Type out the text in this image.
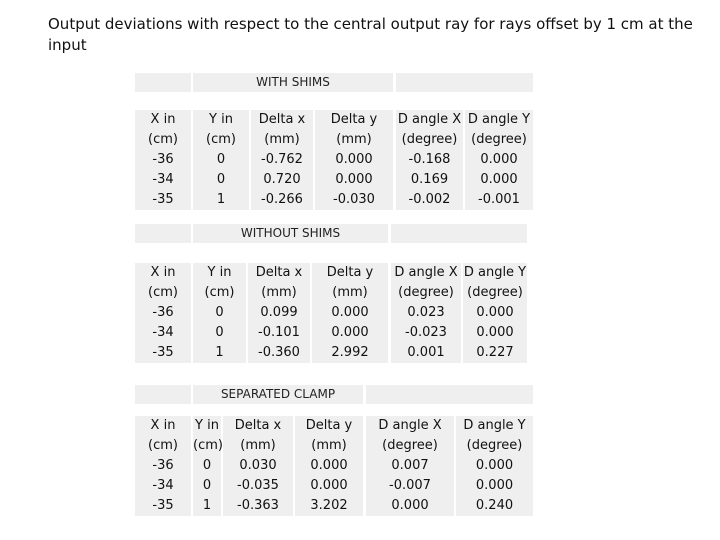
Output deviations with respect to the central output ray for rays offset by 1 cm at the input
WITH SHIMS
X in
(cm)
-36
-34
-35
Y in
(cm)
0
0
1
Delta x
(mm)
-0.762
0.720
-0.266
Delta y
(mm)
0.000
0.000
-0.030
D angle X
(degree)
-0.168
0.169
-0.002
D angle Y
(degree)
0.000
0.000
-0.001
WITHOUT SHIMS
X in
(cm)
-36
-34
-35
Y in
(cm)
0
0
1
Delta x
(mm)
0.099
-0.101
-0.360
Delta y
(mm)
0.000
0.000
2.992
D angle X
(degree)
0.023
-0.023
0.001
D angle Y
(degree)
0.000
0.000
0.227
SEPARATED CLAMP
X in
(cm)
-36
-34
-35
Y in
(cm)
0
0
1
Delta x
(mm)
0.030
-0.035
-0.363
Delta y
(mm)
0.000
0.000
3.202
D angle X
(degree)
0.007
-0.007
0.000
D angle Y
(degree)
0.000
0.000
0.240
